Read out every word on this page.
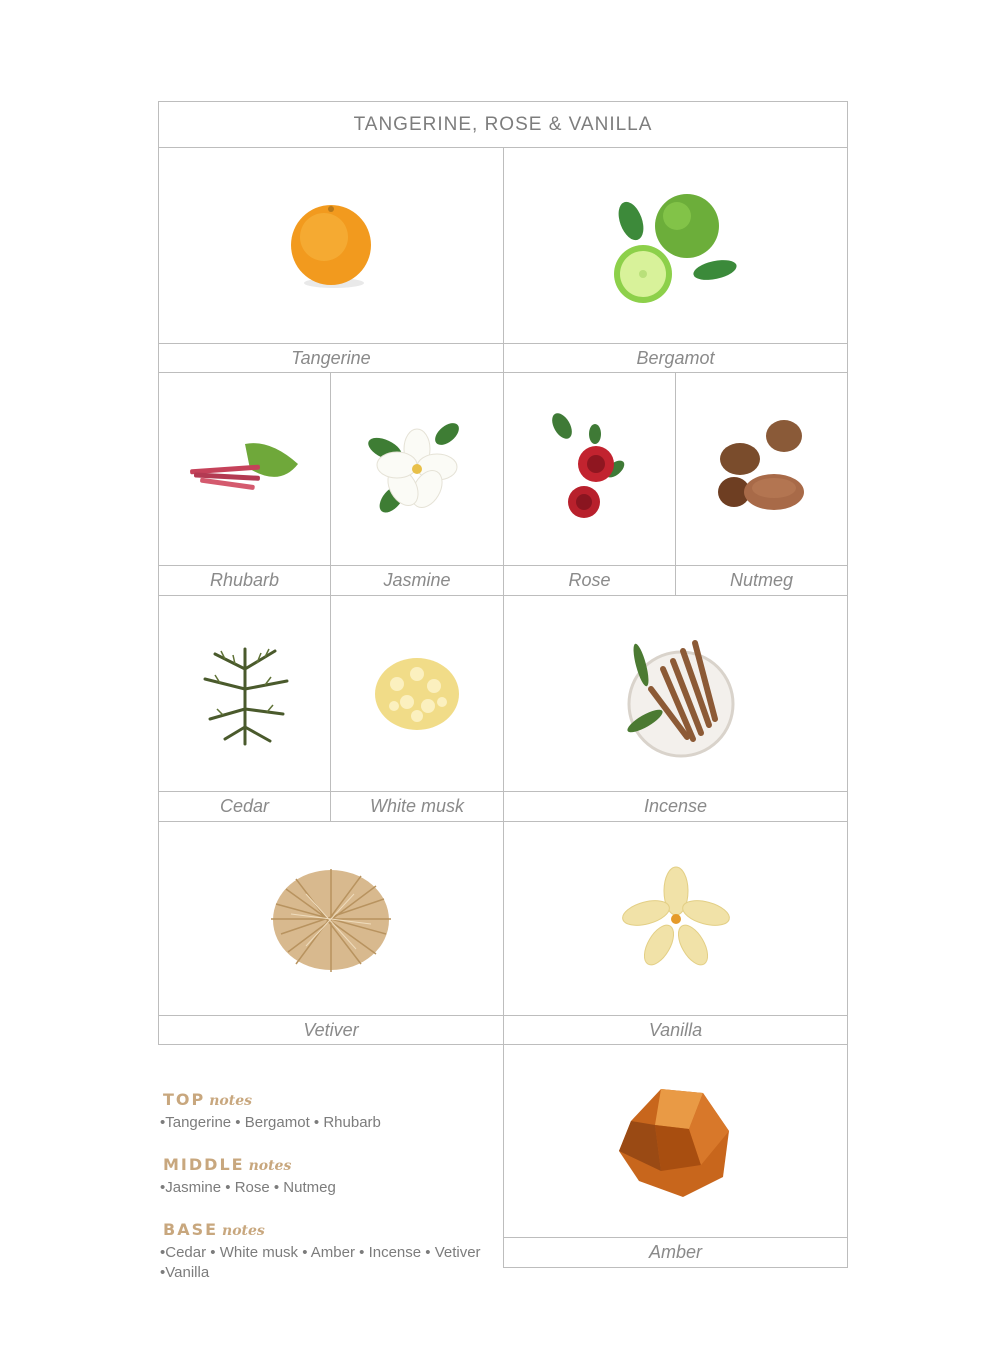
TANGERINE, ROSE & VANILLA
Tangerine	Bergamot
Rhubarb	Jasmine	Rose	Nutmeg
Cedar	White musk	Incense
Vetiver	Vanilla
Amber
TOP notes
•Tangerine • Bergamot • Rhubarb
MIDDLE notes
•Jasmine • Rose • Nutmeg
BASE notes
•Cedar • White musk • Amber • Incense • Vetiver
•Vanilla
